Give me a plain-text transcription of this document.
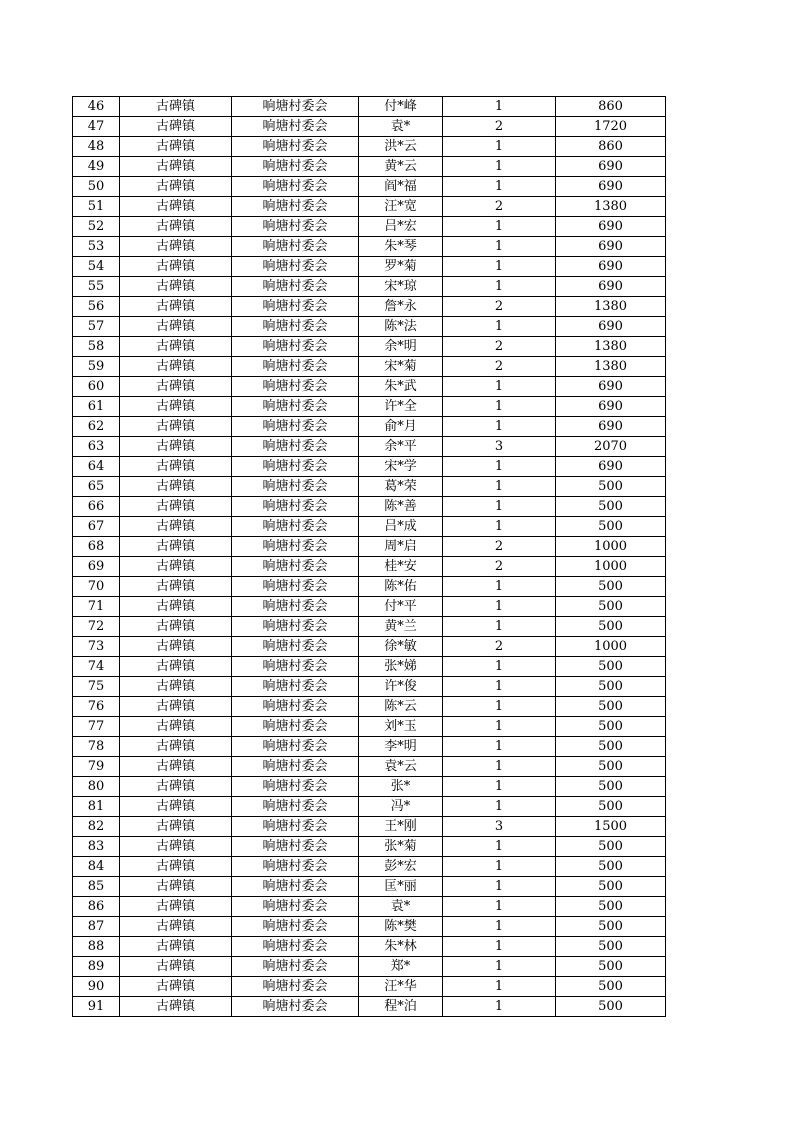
46	古碑镇	响塘村委会	付*峰	1	860
47	古碑镇	响塘村委会	袁*	2	1720
48	古碑镇	响塘村委会	洪*云	1	860
49	古碑镇	响塘村委会	黄*云	1	690
50	古碑镇	响塘村委会	阎*福	1	690
51	古碑镇	响塘村委会	汪*宽	2	1380
52	古碑镇	响塘村委会	吕*宏	1	690
53	古碑镇	响塘村委会	朱*琴	1	690
54	古碑镇	响塘村委会	罗*菊	1	690
55	古碑镇	响塘村委会	宋*琼	1	690
56	古碑镇	响塘村委会	詹*永	2	1380
57	古碑镇	响塘村委会	陈*法	1	690
58	古碑镇	响塘村委会	余*明	2	1380
59	古碑镇	响塘村委会	宋*菊	2	1380
60	古碑镇	响塘村委会	朱*武	1	690
61	古碑镇	响塘村委会	许*全	1	690
62	古碑镇	响塘村委会	俞*月	1	690
63	古碑镇	响塘村委会	余*平	3	2070
64	古碑镇	响塘村委会	宋*学	1	690
65	古碑镇	响塘村委会	葛*荣	1	500
66	古碑镇	响塘村委会	陈*善	1	500
67	古碑镇	响塘村委会	吕*成	1	500
68	古碑镇	响塘村委会	周*启	2	1000
69	古碑镇	响塘村委会	桂*安	2	1000
70	古碑镇	响塘村委会	陈*佑	1	500
71	古碑镇	响塘村委会	付*平	1	500
72	古碑镇	响塘村委会	黄*兰	1	500
73	古碑镇	响塘村委会	徐*敏	2	1000
74	古碑镇	响塘村委会	张*娣	1	500
75	古碑镇	响塘村委会	许*俊	1	500
76	古碑镇	响塘村委会	陈*云	1	500
77	古碑镇	响塘村委会	刘*玉	1	500
78	古碑镇	响塘村委会	李*明	1	500
79	古碑镇	响塘村委会	袁*云	1	500
80	古碑镇	响塘村委会	张*	1	500
81	古碑镇	响塘村委会	冯*	1	500
82	古碑镇	响塘村委会	王*刚	3	1500
83	古碑镇	响塘村委会	张*菊	1	500
84	古碑镇	响塘村委会	彭*宏	1	500
85	古碑镇	响塘村委会	匡*丽	1	500
86	古碑镇	响塘村委会	袁*	1	500
87	古碑镇	响塘村委会	陈*樊	1	500
88	古碑镇	响塘村委会	朱*林	1	500
89	古碑镇	响塘村委会	郑*	1	500
90	古碑镇	响塘村委会	汪*华	1	500
91	古碑镇	响塘村委会	程*泊	1	500
